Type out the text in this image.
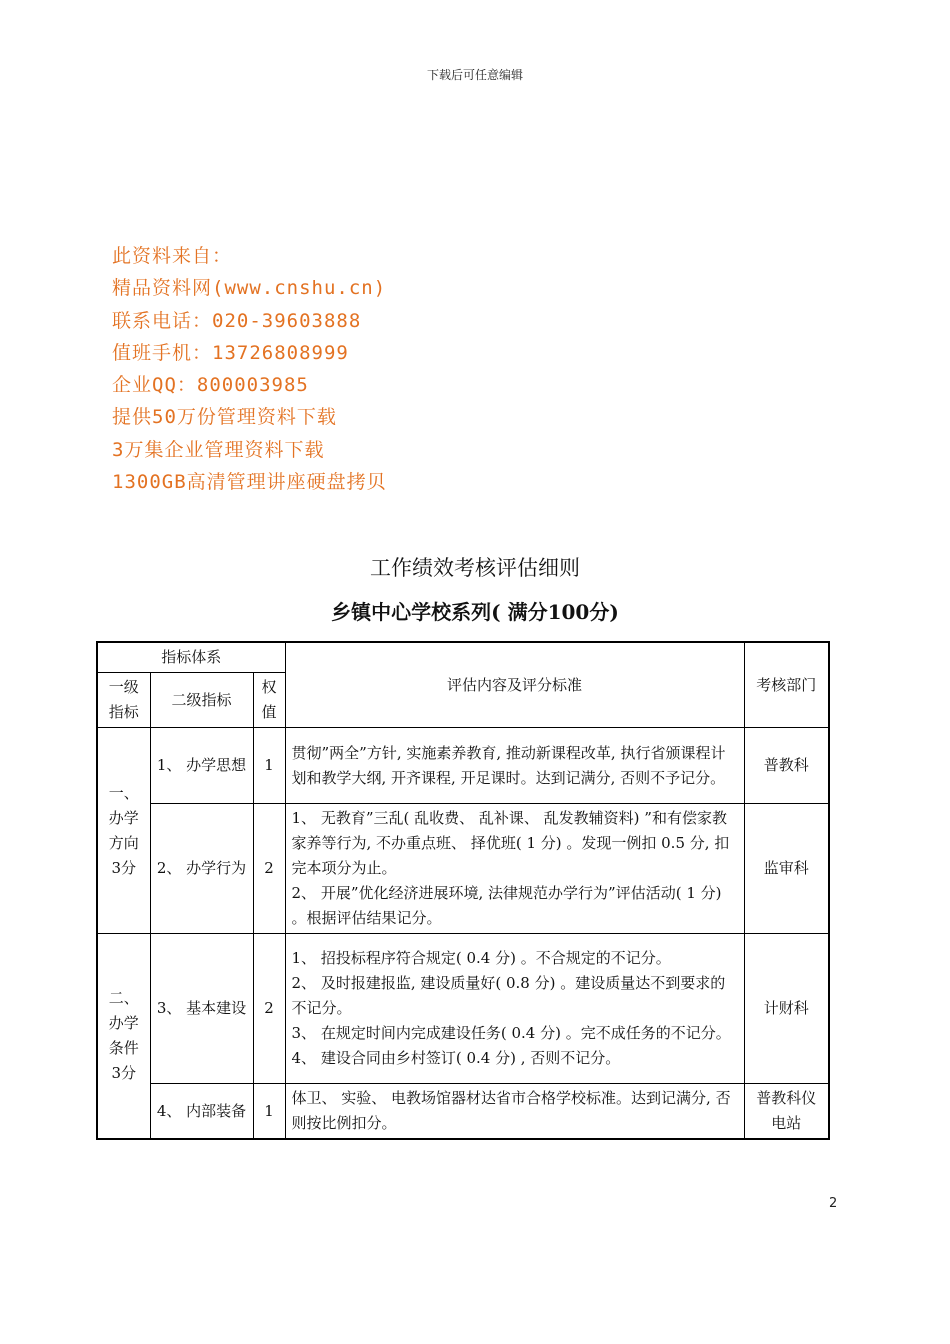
下载后可任意编辑
此资料来自：
精品资料网(www.cnshu.cn)
联系电话：020-39603888
值班手机：13726808999
企业QQ：800003985
提供50万份管理资料下载
3万集企业管理资料下载
1300GB高清管理讲座硬盘拷贝
工作绩效考核评估细则
乡镇中心学校系列( 满分100分)
指标体系			评估内容及评分标准	考核部门
一级指标	二级指标	权值		
一、办学方向3分	1、 办学思想	1	贯彻”两全”方针, 实施素养教育, 推动新课程改革, 执行省颁课程计划和教学大纲, 开齐课程, 开足课时。达到记满分, 否则不予记分。	普教科
	2、 办学行为	2	1、 无教育”三乱( 乱收费、 乱补课、 乱发教辅资料) ”和有偿家教家养等行为, 不办重点班、 择优班( 1 分) 。发现一例扣 0.5 分, 扣完本项分为止。
2、 开展”优化经济进展环境, 法律规范办学行为”评估活动( 1 分) 。根据评估结果记分。	监审科
二、办学条件3分	3、 基本建设	2	1、 招投标程序符合规定( 0.4 分) 。不合规定的不记分。
2、 及时报建报监, 建设质量好( 0.8 分) 。建设质量达不到要求的不记分。
3、 在规定时间内完成建设任务( 0.4 分) 。完不成任务的不记分。
4、 建设合同由乡村签订( 0.4 分) , 否则不记分。	计财科
	4、 内部装备	1	体卫、 实验、 电教场馆器材达省市合格学校标准。达到记满分, 否则按比例扣分。	普教科仪电站
2
